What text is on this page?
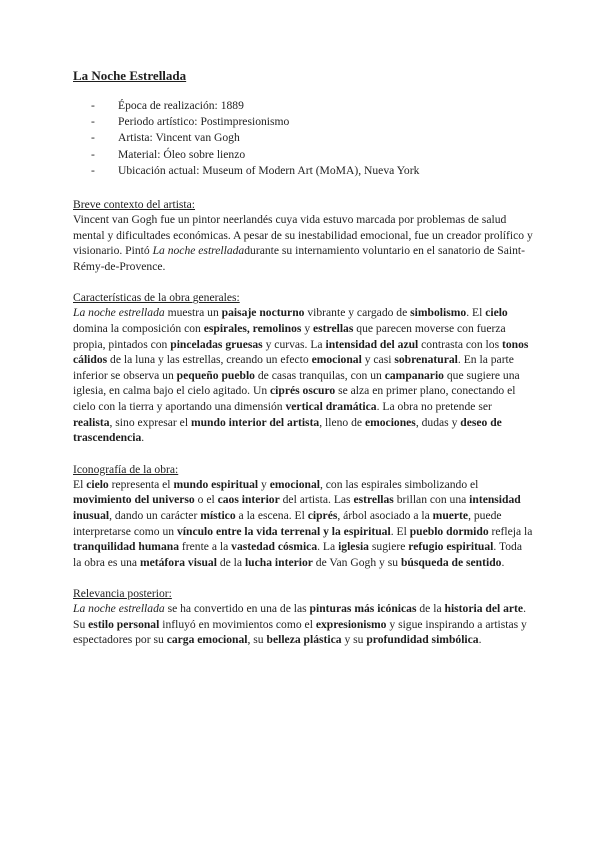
La Noche Estrellada

- Época de realización: 1889
- Periodo artístico: Postimpresionismo
- Artista: Vincent van Gogh
- Material: Óleo sobre lienzo
- Ubicación actual: Museum of Modern Art (MoMA), Nueva York

Breve contexto del artista:

Vincent van Gogh fue un pintor neerlandés cuya vida estuvo marcada por problemas de salud mental y dificultades económicas. A pesar de su inestabilidad emocional, fue un creador prolífico y visionario. Pintó La noche estrelladadurante su internamiento voluntario en el sanatorio de Saint-Rémy-de-Provence.

Características de la obra generales:

La noche estrellada muestra un paisaje nocturno vibrante y cargado de simbolismo. El cielo domina la composición con espirales, remolinos y estrellas que parecen moverse con fuerza propia, pintados con pinceladas gruesas y curvas. La intensidad del azul contrasta con los tonos cálidos de la luna y las estrellas, creando un efecto emocional y casi sobrenatural. En la parte inferior se observa un pequeño pueblo de casas tranquilas, con un campanario que sugiere una iglesia, en calma bajo el cielo agitado. Un ciprés oscuro se alza en primer plano, conectando el cielo con la tierra y aportando una dimensión vertical dramática. La obra no pretende ser realista, sino expresar el mundo interior del artista, lleno de emociones, dudas y deseo de trascendencia.

Iconografía de la obra:

El cielo representa el mundo espiritual y emocional, con las espirales simbolizando el movimiento del universo o el caos interior del artista. Las estrellas brillan con una intensidad inusual, dando un carácter místico a la escena. El ciprés, árbol asociado a la muerte, puede interpretarse como un vínculo entre la vida terrenal y la espiritual. El pueblo dormido refleja la tranquilidad humana frente a la vastedad cósmica. La iglesia sugiere refugio espiritual. Toda la obra es una metáfora visual de la lucha interior de Van Gogh y su búsqueda de sentido.

Relevancia posterior:

La noche estrellada se ha convertido en una de las pinturas más icónicas de la historia del arte. Su estilo personal influyó en movimientos como el expresionismo y sigue inspirando a artistas y espectadores por su carga emocional, su belleza plástica y su profundidad simbólica.
